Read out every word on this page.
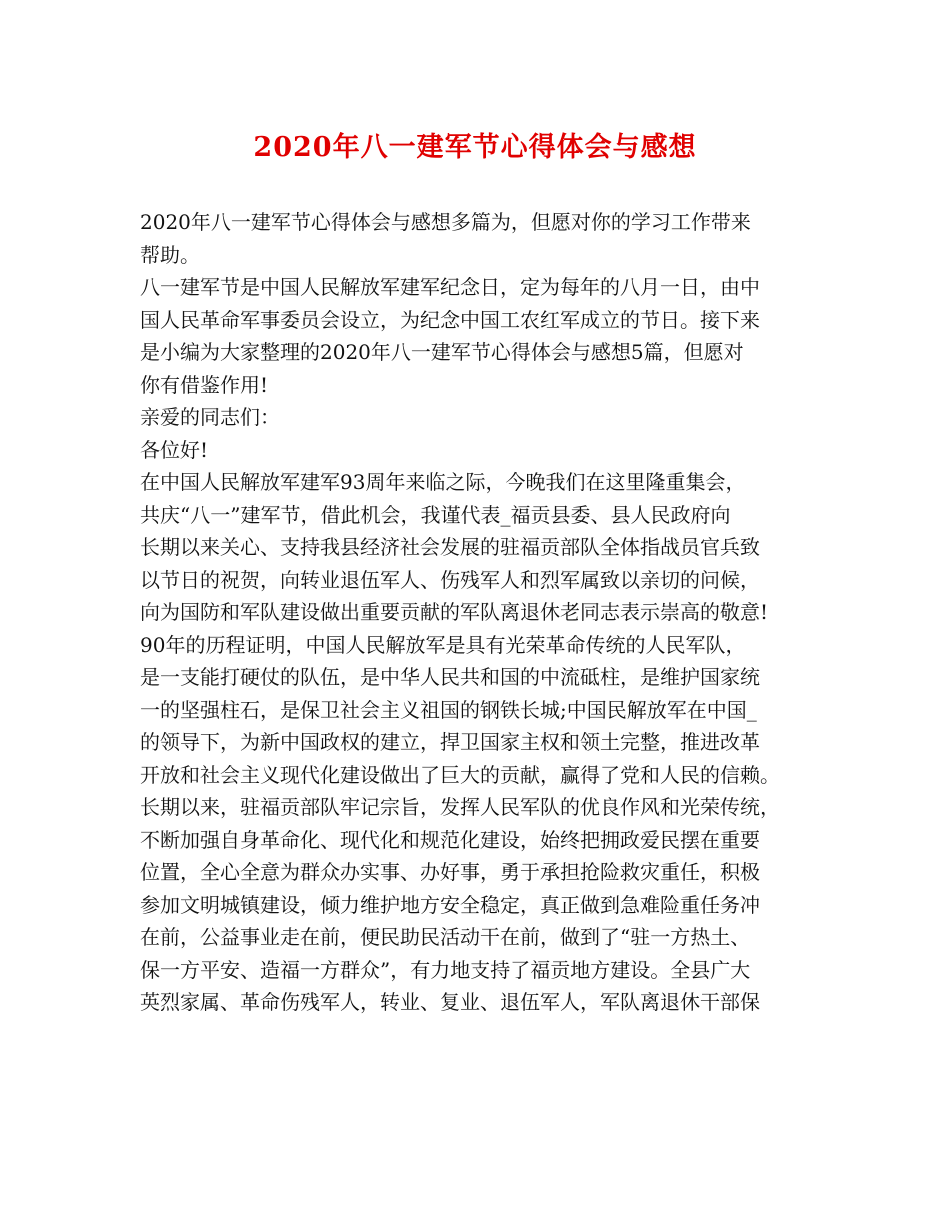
2020年八一建军节心得体会与感想
2020年八一建军节心得体会与感想多篇为，但愿对你的学习工作带来
帮助。
八一建军节是中国人民解放军建军纪念日，定为每年的八月一日，由中
国人民革命军事委员会设立，为纪念中国工农红军成立的节日。接下来
是小编为大家整理的2020年八一建军节心得体会与感想5篇，但愿对
你有借鉴作用!
亲爱的同志们：
各位好!
在中国人民解放军建军93周年来临之际，今晚我们在这里隆重集会，
共庆“八一”建军节，借此机会，我谨代表_福贡县委、县人民政府向
长期以来关心、支持我县经济社会发展的驻福贡部队全体指战员官兵致
以节日的祝贺，向转业退伍军人、伤残军人和烈军属致以亲切的问候，
向为国防和军队建设做出重要贡献的军队离退休老同志表示崇高的敬意!
90年的历程证明，中国人民解放军是具有光荣革命传统的人民军队，
是一支能打硬仗的队伍，是中华人民共和国的中流砥柱，是维护国家统
一的坚强柱石，是保卫社会主义祖国的钢铁长城;中国民解放军在中国_
的领导下，为新中国政权的建立，捍卫国家主权和领土完整，推进改革
开放和社会主义现代化建设做出了巨大的贡献，赢得了党和人民的信赖。
长期以来，驻福贡部队牢记宗旨，发挥人民军队的优良作风和光荣传统，
不断加强自身革命化、现代化和规范化建设，始终把拥政爱民摆在重要
位置，全心全意为群众办实事、办好事，勇于承担抢险救灾重任，积极
参加文明城镇建设，倾力维护地方安全稳定，真正做到急难险重任务冲
在前，公益事业走在前，便民助民活动干在前，做到了“驻一方热土、
保一方平安、造福一方群众”，有力地支持了福贡地方建设。全县广大
英烈家属、革命伤残军人，转业、复业、退伍军人，军队离退休干部保
